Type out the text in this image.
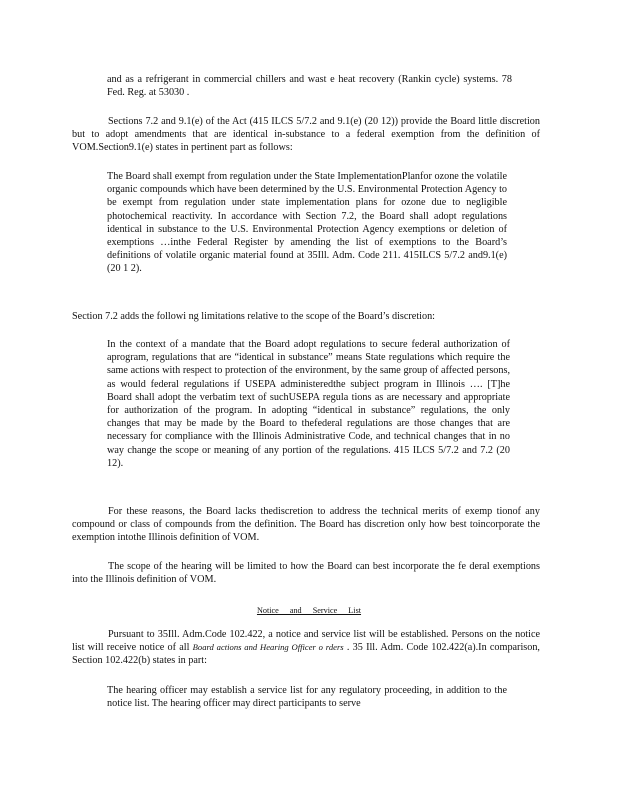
and as a refrigerant in commercial chillers and wast e heat recovery (Rankin cycle) systems. 78 Fed. Reg. at 53030 .

Sections 7.2 and 9.1(e) of the Act (415 ILCS 5/7.2 and 9.1(e) (20 12)) provide the Board little discretion but to adopt amendments that are identical in-substance to a federal exemption from the definition of VOM.Section9.1(e) states in pertinent part as follows:

The Board shall exempt from regulation under the State ImplementationPlanfor ozone the volatile organic compounds which have been determined by the U.S. Environmental Protection Agency to be exempt from regulation under state implementation plans for ozone due to negligible photochemical reactivity. In accordance with Section 7.2, the Board shall adopt regulations identical in substance to the U.S. Environmental Protection Agency exemptions or deletion of exemptions …inthe Federal Register by amending the list of exemptions to the Board’s definitions of volatile organic material found at 35Ill. Adm. Code 211. 415ILCS 5/7.2 and9.1(e) (20 1 2).

Section 7.2 adds the followi ng limitations relative to the scope of the Board’s discretion:

In the context of a mandate that the Board adopt regulations to secure federal authorization of aprogram, regulations that are “identical in substance” means State regulations which require the same actions with respect to protection of the environment, by the same group of affected persons, as would federal regulations if USEPA administeredthe subject program in Illinois …. [T]he Board shall adopt the verbatim text of suchUSEPA regula tions as are necessary and appropriate for authorization of the program. In adopting “identical in substance” regulations, the only changes that may be made by the Board to thefederal regulations are those changes that are necessary for compliance with the Illinois Administrative Code, and technical changes that in no way change the scope or meaning of any portion of the regulations. 415 ILCS 5/7.2 and 7.2 (20 12).

For these reasons, the Board lacks thediscretion to address the technical merits of exemp tionof any compound or class of compounds from the definition. The Board has discretion only how best toincorporate the exemption intothe Illinois definition of VOM.

The scope of the hearing will be limited to how the Board can best incorporate the fe deral exemptions into the Illinois definition of VOM.

Notice and Service List

Pursuant to 35Ill. Adm.Code 102.422, a notice and service list will be established. Persons on the notice list will receive notice of all Board actions and Hearing Officer o rders . 35 Ill. Adm. Code 102.422(a).In comparison, Section 102.422(b) states in part:

The hearing officer may establish a service list for any regulatory proceeding, in addition to the notice list. The hearing officer may direct participants to serve
